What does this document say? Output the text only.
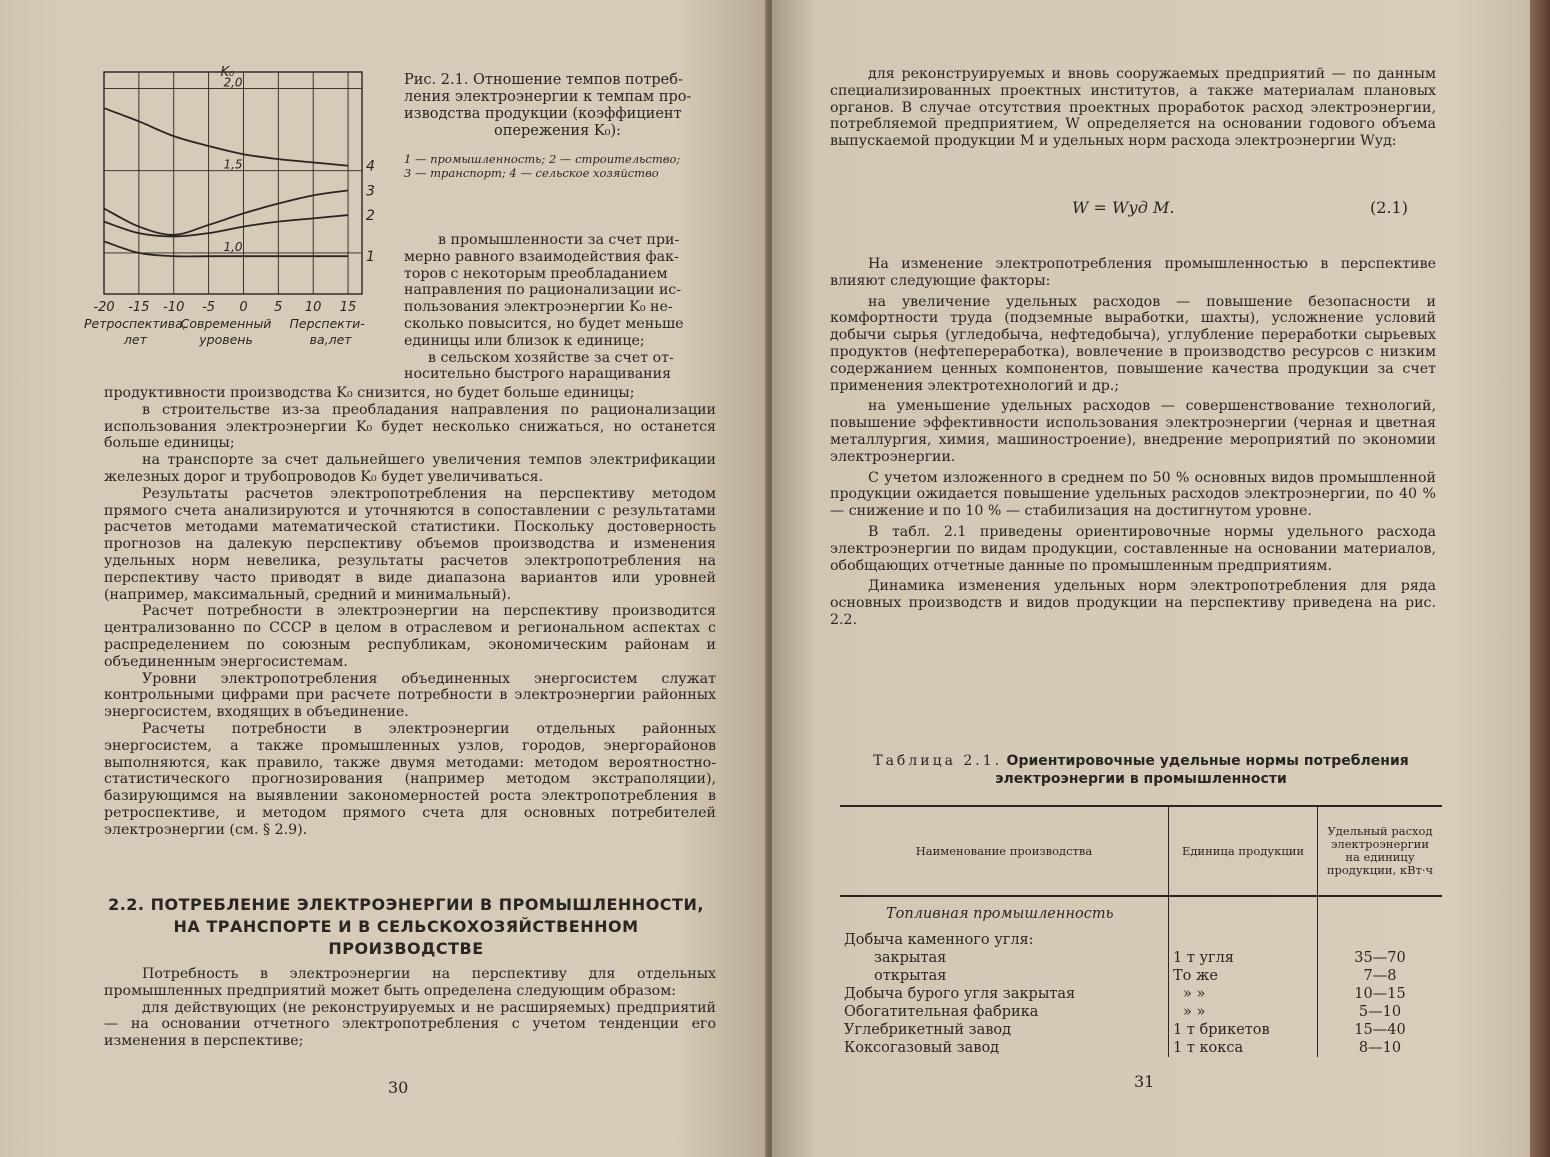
1,0
1,5
2,0
K₀
1
2
3
4
-20 -15 -10 -5 0 5 10 15
Ретроспектива,
лет
Современный
уровень
Перспекти-
ва,лет
Рис. 2.1. Отношение темпов потреб-
ления электроэнергии к темпам про-
изводства продукции (коэффициент
опережения K₀):
1 — промышленность; 2 — строительство;
3 — транспорт; 4 — сельское хозяйство
в промышленности за счет при-
мерно равного взаимодействия фак-
торов с некоторым преобладанием
направления по рационализации ис-
пользования электроэнергии K₀ не-
сколько повысится, но будет меньше
единицы или близок к единице;
в сельском хозяйстве за счет от-
носительно быстрого наращивания

продуктивности производства K₀ снизится, но будет больше единицы;

в строительстве из-за преобладания направления по рационализации использования электроэнергии K₀ будет несколько снижаться, но останется больше единицы;

на транспорте за счет дальнейшего увеличения темпов электрификации железных дорог и трубопроводов K₀ будет увеличиваться.

Результаты расчетов электропотребления на перспективу методом прямого счета анализируются и уточняются в сопоставлении с результатами расчетов методами математической статистики. Поскольку достоверность прогнозов на далекую перспективу объемов производства и изменения удельных норм невелика, результаты расчетов электропотребления на перспективу часто приводят в виде диапазона вариантов или уровней (например, максимальный, средний и минимальный).

Расчет потребности в электроэнергии на перспективу производится централизованно по СССР в целом в отраслевом и региональном аспектах с распределением по союзным республикам, экономическим районам и объединенным энергосистемам.

Уровни электропотребления объединенных энергосистем служат контрольными цифрами при расчете потребности в электроэнергии районных энергосистем, входящих в объединение.

Расчеты потребности в электроэнергии отдельных районных энергосистем, а также промышленных узлов, городов, энергорайонов выполняются, как правило, также двумя методами: методом вероятностно-статистического прогнозирования (например методом экстраполяции), базирующимся на выявлении закономерностей роста электропотребления в ретроспективе, и методом прямого счета для основных потребителей электроэнергии (см. § 2.9).

2.2. ПОТРЕБЛЕНИЕ ЭЛЕКТРОЭНЕРГИИ В ПРОМЫШЛЕННОСТИ,
НА ТРАНСПОРТЕ И В СЕЛЬСКОХОЗЯЙСТВЕННОМ
ПРОИЗВОДСТВЕ

Потребность в электроэнергии на перспективу для отдельных промышленных предприятий может быть определена следующим образом:

для действующих (не реконструируемых и не расширяемых) предприятий — на основании отчетного электропотребления с учетом тенденции его изменения в перспективе;

30

для реконструируемых и вновь сооружаемых предприятий — по данным специализированных проектных институтов, а также материалам плановых органов. В случае отсутствия проектных проработок расход электроэнергии, потребляемой предприятием, W определяется на основании годового объема выпускаемой продукции M и удельных норм расхода электроэнергии Wуд:

W = Wуд M.	(2.1)

На изменение электропотребления промышленностью в перспективе влияют следующие факторы:

на увеличение удельных расходов — повышение безопасности и комфортности труда (подземные выработки, шахты), усложнение условий добычи сырья (угледобыча, нефтедобыча), углубление переработки сырьевых продуктов (нефтепереработка), вовлечение в производство ресурсов с низким содержанием ценных компонентов, повышение качества продукции за счет применения электротехнологий и др.;

на уменьшение удельных расходов — совершенствование технологий, повышение эффективности использования электроэнергии (черная и цветная металлургия, химия, машиностроение), внедрение мероприятий по экономии электроэнергии.

С учетом изложенного в среднем по 50 % основных видов промышленной продукции ожидается повышение удельных расходов электроэнергии, по 40 % — снижение и по 10 % — стабилизация на достигнутом уровне.

В табл. 2.1 приведены ориентировочные нормы удельного расхода электроэнергии по видам продукции, составленные на основании материалов, обобщающих отчетные данные по промышленным предприятиям.

Динамика изменения удельных норм электропотребления для ряда основных производств и видов продукции на перспективу приведена на рис. 2.2.

Таблица 2.1. Ориентировочные удельные нормы потребления
электроэнергии в промышленности
Наименование производства	Единица продукции	Удельный расход электроэнергии на единицу продукции, кВт·ч
Топливная промышленность		
Добыча каменного угля:		
закрытая	1 т угля	35—70
открытая	То же	7—8
Добыча бурого угля закрытая	» »	10—15
Обогатительная фабрика	» »	5—10
Углебрикетный завод	1 т брикетов	15—40
Коксогазовый завод	1 т кокса	8—10
31
